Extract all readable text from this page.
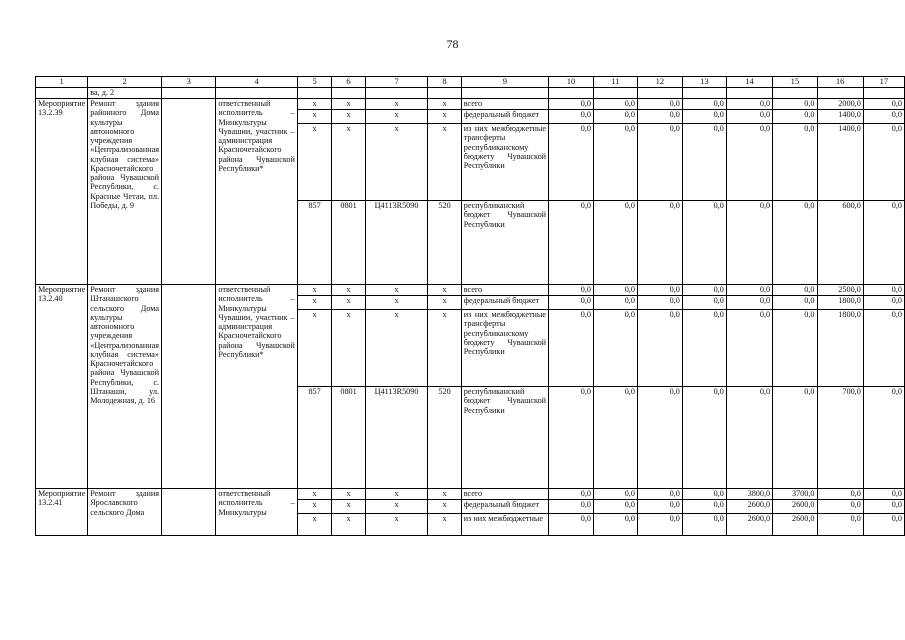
78
1	2	3	4	5	6	7	8	9	10	11	12	13	14	15	16	17
	ва, д. 2															
Мероприятие 13.2.39	Ремонт здания районного Дома культуры автономного учреждения «Централизованная клубная система» Красночетайского района Чувашской Республики, с. Красные Четаи, пл. Победы, д. 9		ответственный исполнитель – Минкультуры Чувашии, участник – администрация Красночетайского района Чувашской Республики*	x	x	x	x	всего	0,0	0,0	0,0	0,0	0,0	0,0	2000,0	0,0
				x	x	x	x	федеральный бюджет	0,0	0,0	0,0	0,0	0,0	0,0	1400,0	0,0
				x	x	x	x	из них межбюджетные трансферты республиканскому бюджету Чувашской Республики	0,0	0,0	0,0	0,0	0,0	0,0	1400,0	0,0
				857	0801	Ц4113R5090	520	республиканский бюджет Чувашской Республики	0,0	0,0	0,0	0,0	0,0	0,0	600,0	0,0
Мероприятие 13.2.40	Ремонт здания Штанашского сельского Дома культуры автономного учреждения «Централизованная клубная система» Красночетайского района Чувашской Республики, с. Штанаши, ул. Молодежная, д. 16		ответственный исполнитель – Минкультуры Чувашии, участник – администрация Красночетайского района Чувашской Республики*	x	x	x	x	всего	0,0	0,0	0,0	0,0	0,0	0,0	2500,0	0,0
				x	x	x	x	федеральный бюджет	0,0	0,0	0,0	0,0	0,0	0,0	1800,0	0,0
				x	x	x	x	из них межбюджетные трансферты республиканскому бюджету Чувашской Республики	0,0	0,0	0,0	0,0	0,0	0,0	1800,0	0,0
				857	0801	Ц4113R5090	520	республиканский бюджет Чувашской Республики	0,0	0,0	0,0	0,0	0,0	0,0	700,0	0,0
Мероприятие 13.2.41	Ремонт здания Ярославского сельского Дома		ответственный исполнитель – Минкультуры	x	x	x	x	всего	0,0	0,0	0,0	0,0	3800,0	3700,0	0,0	0,0
				x	x	x	x	федеральный бюджет	0,0	0,0	0,0	0,0	2600,0	2600,0	0,0	0,0
				x	x	x	x	из них межбюджетные	0,0	0,0	0,0	0,0	2600,0	2600,0	0,0	0,0
